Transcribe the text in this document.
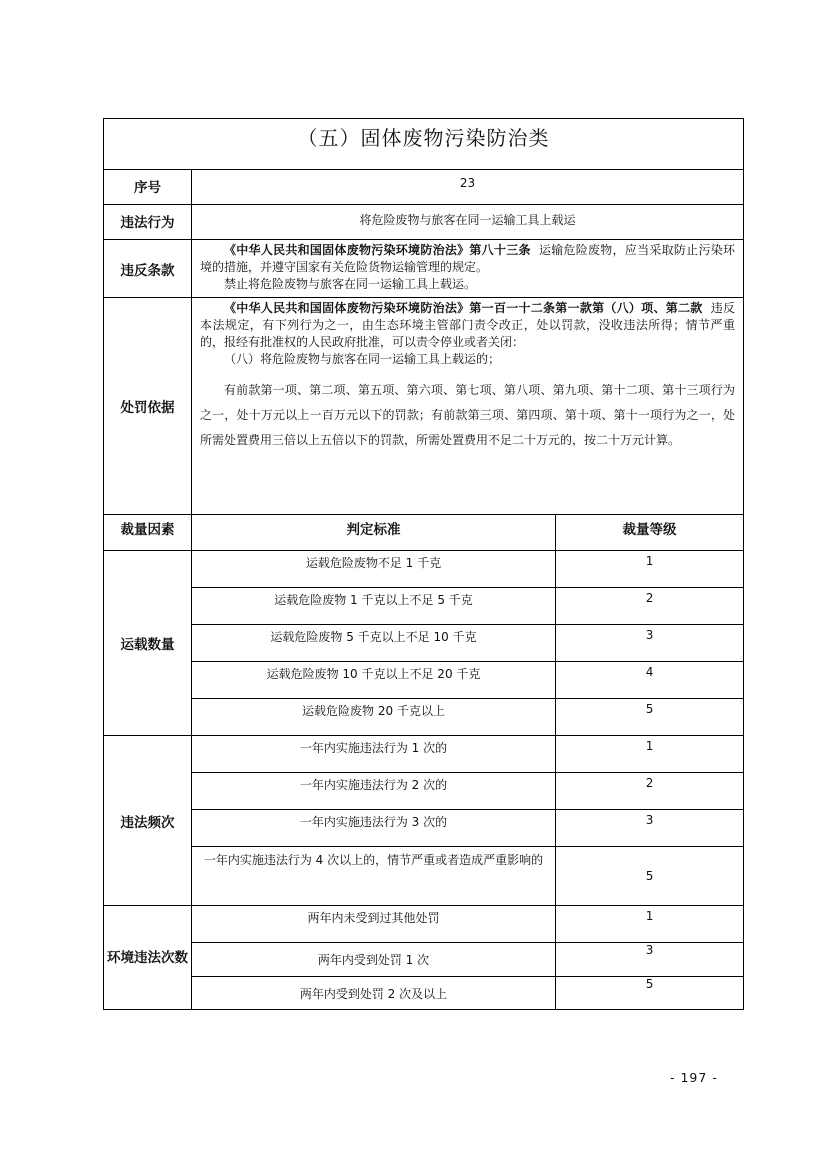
（五）固体废物污染防治类		
序号	23	
违法行为	将危险废物与旅客在同一运输工具上载运	
违反条款	《中华人民共和国固体废物污染环境防治法》第八十三条 运输危险废物，应当采取防止污染环境的措施，并遵守国家有关危险货物运输管理的规定。

禁止将危险废物与旅客在同一运输工具上载运。	

处罚依据	《中华人民共和国固体废物污染环境防治法》第一百一十二条第一款第（八）项、第二款 违反本法规定，有下列行为之一，由生态环境主管部门责令改正，处以罚款，没收违法所得；情节严重的，报经有批准权的人民政府批准，可以责令停业或者关闭：

（八）将危险废物与旅客在同一运输工具上载运的；

有前款第一项、第二项、第五项、第六项、第七项、第八项、第九项、第十二项、第十三项行为之一，处十万元以上一百万元以下的罚款；有前款第三项、第四项、第十项、第十一项行为之一，处所需处置费用三倍以上五倍以下的罚款，所需处置费用不足二十万元的，按二十万元计算。	

裁量因素	判定标准	裁量等级
运载数量	运载危险废物不足 1 千克	1
	运载危险废物 1 千克以上不足 5 千克	2
	运载危险废物 5 千克以上不足 10 千克	3
	运载危险废物 10 千克以上不足 20 千克	4
	运载危险废物 20 千克以上	5
违法频次	一年内实施违法行为 1 次的	1
	一年内实施违法行为 2 次的	2
	一年内实施违法行为 3 次的	3
	一年内实施违法行为 4 次以上的，情节严重或者造成严重影响的	5
环境违法次数	两年内未受到过其他处罚	1
	两年内受到处罚 1 次	3
	两年内受到处罚 2 次及以上	5
- 197 -
